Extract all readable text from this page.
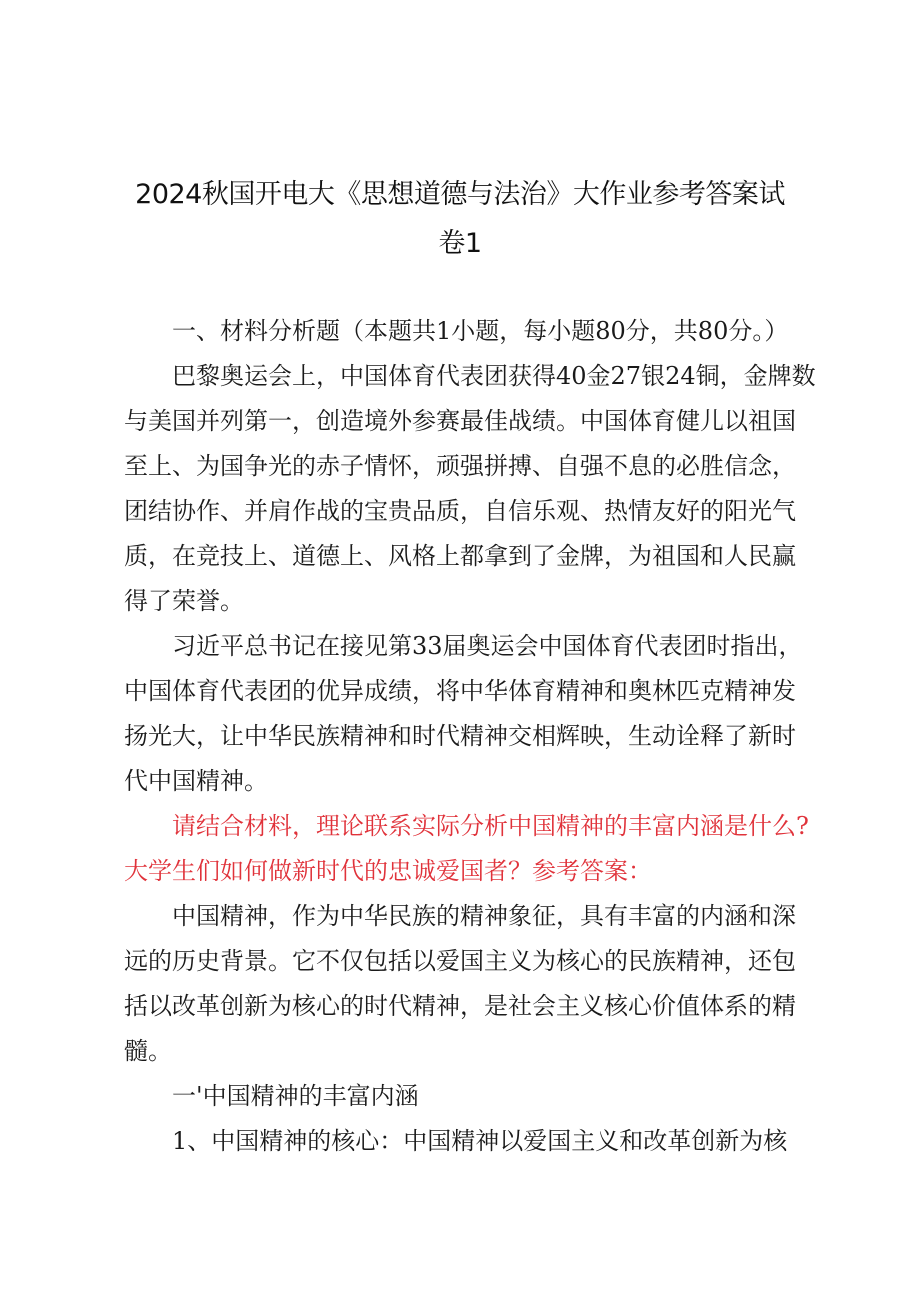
2024秋国开电大《思想道德与法治》大作业参考答案试
卷1
一、材料分析题（本题共1小题，每小题80分，共80分。）
巴黎奥运会上，中国体育代表团获得40金27银24铜，金牌数
与美国并列第一，创造境外参赛最佳战绩。中国体育健儿以祖国
至上、为国争光的赤子情怀，顽强拼搏、自强不息的必胜信念，
团结协作、并肩作战的宝贵品质，自信乐观、热情友好的阳光气
质，在竞技上、道德上、风格上都拿到了金牌，为祖国和人民赢
得了荣誉。
习近平总书记在接见第33届奥运会中国体育代表团时指出，
中国体育代表团的优异成绩，将中华体育精神和奥林匹克精神发
扬光大，让中华民族精神和时代精神交相辉映，生动诠释了新时
代中国精神。
请结合材料，理论联系实际分析中国精神的丰富内涵是什么?
大学生们如何做新时代的忠诚爱国者？参考答案：
中国精神，作为中华民族的精神象征，具有丰富的内涵和深
远的历史背景。它不仅包括以爱国主义为核心的民族精神，还包
括以改革创新为核心的时代精神，是社会主义核心价值体系的精
髓。
一'中国精神的丰富内涵
1、中国精神的核心：中国精神以爱国主义和改革创新为核
